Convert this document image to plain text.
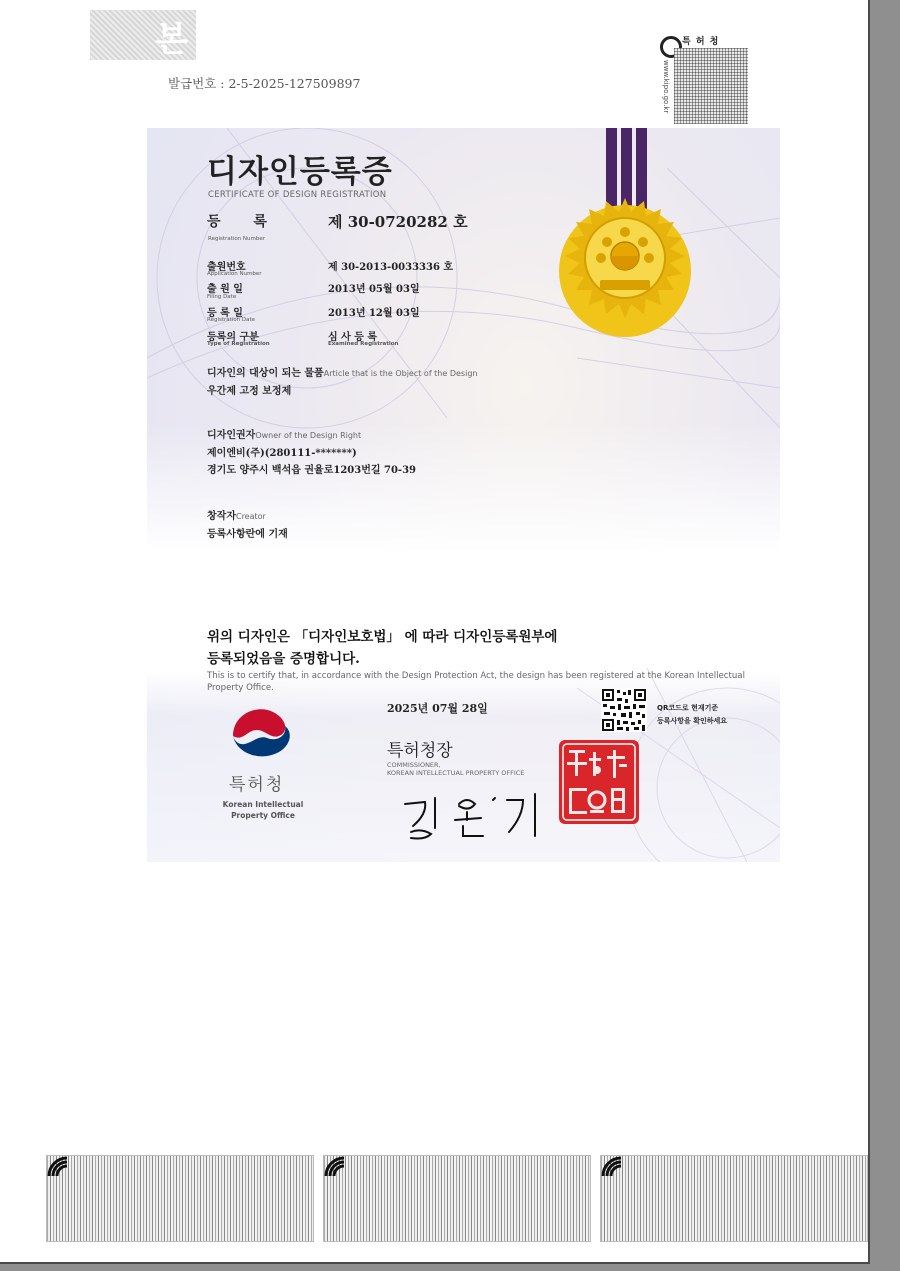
본
발급번호 : 2-5-2025-127509897
특 허 청
www.kipo.go.kr
디자인등록증
CERTIFICATE OF DESIGN REGISTRATION
등 록	제 30-0720282 호
Registration Number
출원번호
Application Number
제 30-2013-0033336 호
출 원 일
Filing Date
2013년 05월 03일
등 록 일
Registration Date
2013년 12월 03일
등록의 구분
Type of Registration
심 사 등 록
Examined Registration
디자인의 대상이 되는 물품Article that is the Object of the Design
우간제 고정 보정제
디자인권자Owner of the Design Right
제이엔비(주)(280111-*******)
경기도 양주시 백석읍 권율로1203번길 70-39
창작자Creator
등록사항란에 기재
위의 디자인은 「디자인보호법」 에 따라 디자인등록원부에
등록되었음을 증명합니다.
This is to certify that, in accordance with the Design Protection Act, the design has been registered at the Korean Intellectual Property Office.
2025년 07월 28일	QR코드로 현재기준
등록사항을 확인하세요
특허청
Korean Intellectual
Property Office
특허청장
COMMISSIONER,
KOREAN INTELLECTUAL PROPERTY OFFICE
